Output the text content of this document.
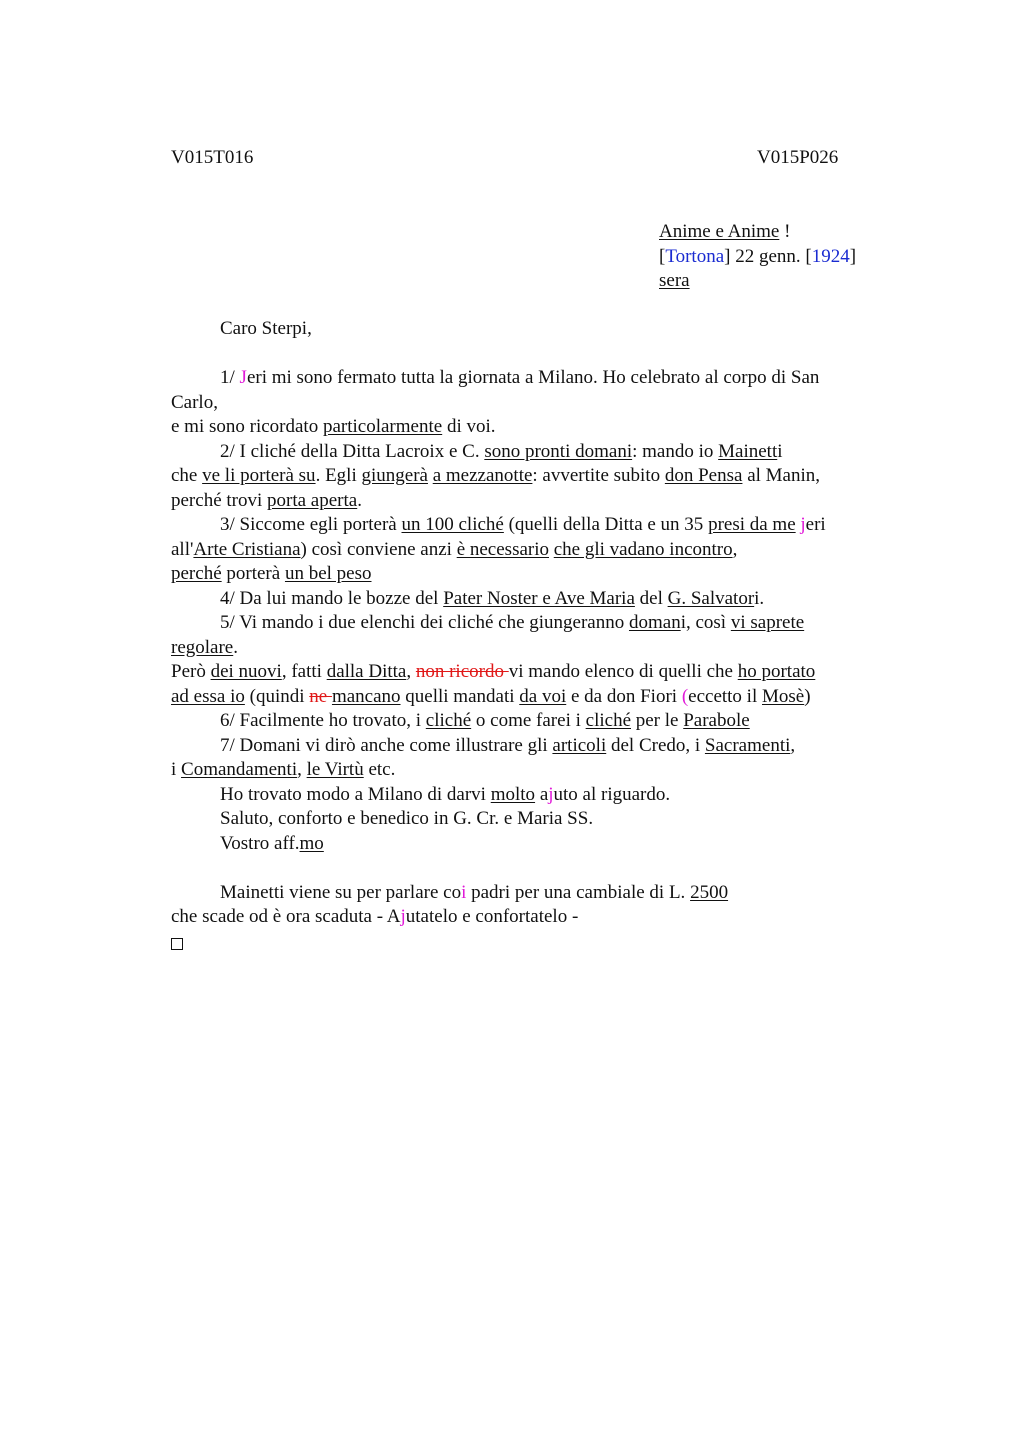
V015T016	V015P026
Anime e Anime !
[Tortona] 22 genn. [1924]
sera
Caro Sterpi,
1/ Jeri mi sono fermato tutta la giornata a Milano. Ho celebrato al corpo di San
Carlo,
e mi sono ricordato particolarmente di voi.
2/ I cliché della Ditta Lacroix e C. sono pronti domani: mando io Mainetti
che ve li porterà su. Egli giungerà a mezzanotte: avvertite subito don Pensa al Manin,
perché trovi porta aperta.
3/ Siccome egli porterà un 100 cliché (quelli della Ditta e un 35 presi da me jeri
all'Arte Cristiana) così conviene anzi è necessario che gli vadano incontro,
perché porterà un bel peso
4/ Da lui mando le bozze del Pater Noster e Ave Maria del G. Salvatori.
5/ Vi mando i due elenchi dei cliché che giungeranno domani, così vi saprete
regolare.
Però dei nuovi, fatti dalla Ditta, non ricordo vi mando elenco di quelli che ho portato
ad essa io (quindi ne mancano quelli mandati da voi e da don Fiori (eccetto il Mosè)
6/ Facilmente ho trovato, i cliché o come farei i cliché per le Parabole
7/ Domani vi dirò anche come illustrare gli articoli del Credo, i Sacramenti,
i Comandamenti, le Virtù etc.
Ho trovato modo a Milano di darvi molto ajuto al riguardo.
Saluto, conforto e benedico in G. Cr. e Maria SS.
Vostro aff.mo
Mainetti viene su per parlare coi padri per una cambiale di L. 2500
che scade od è ora scaduta - Ajutatelo e confortatelo -
